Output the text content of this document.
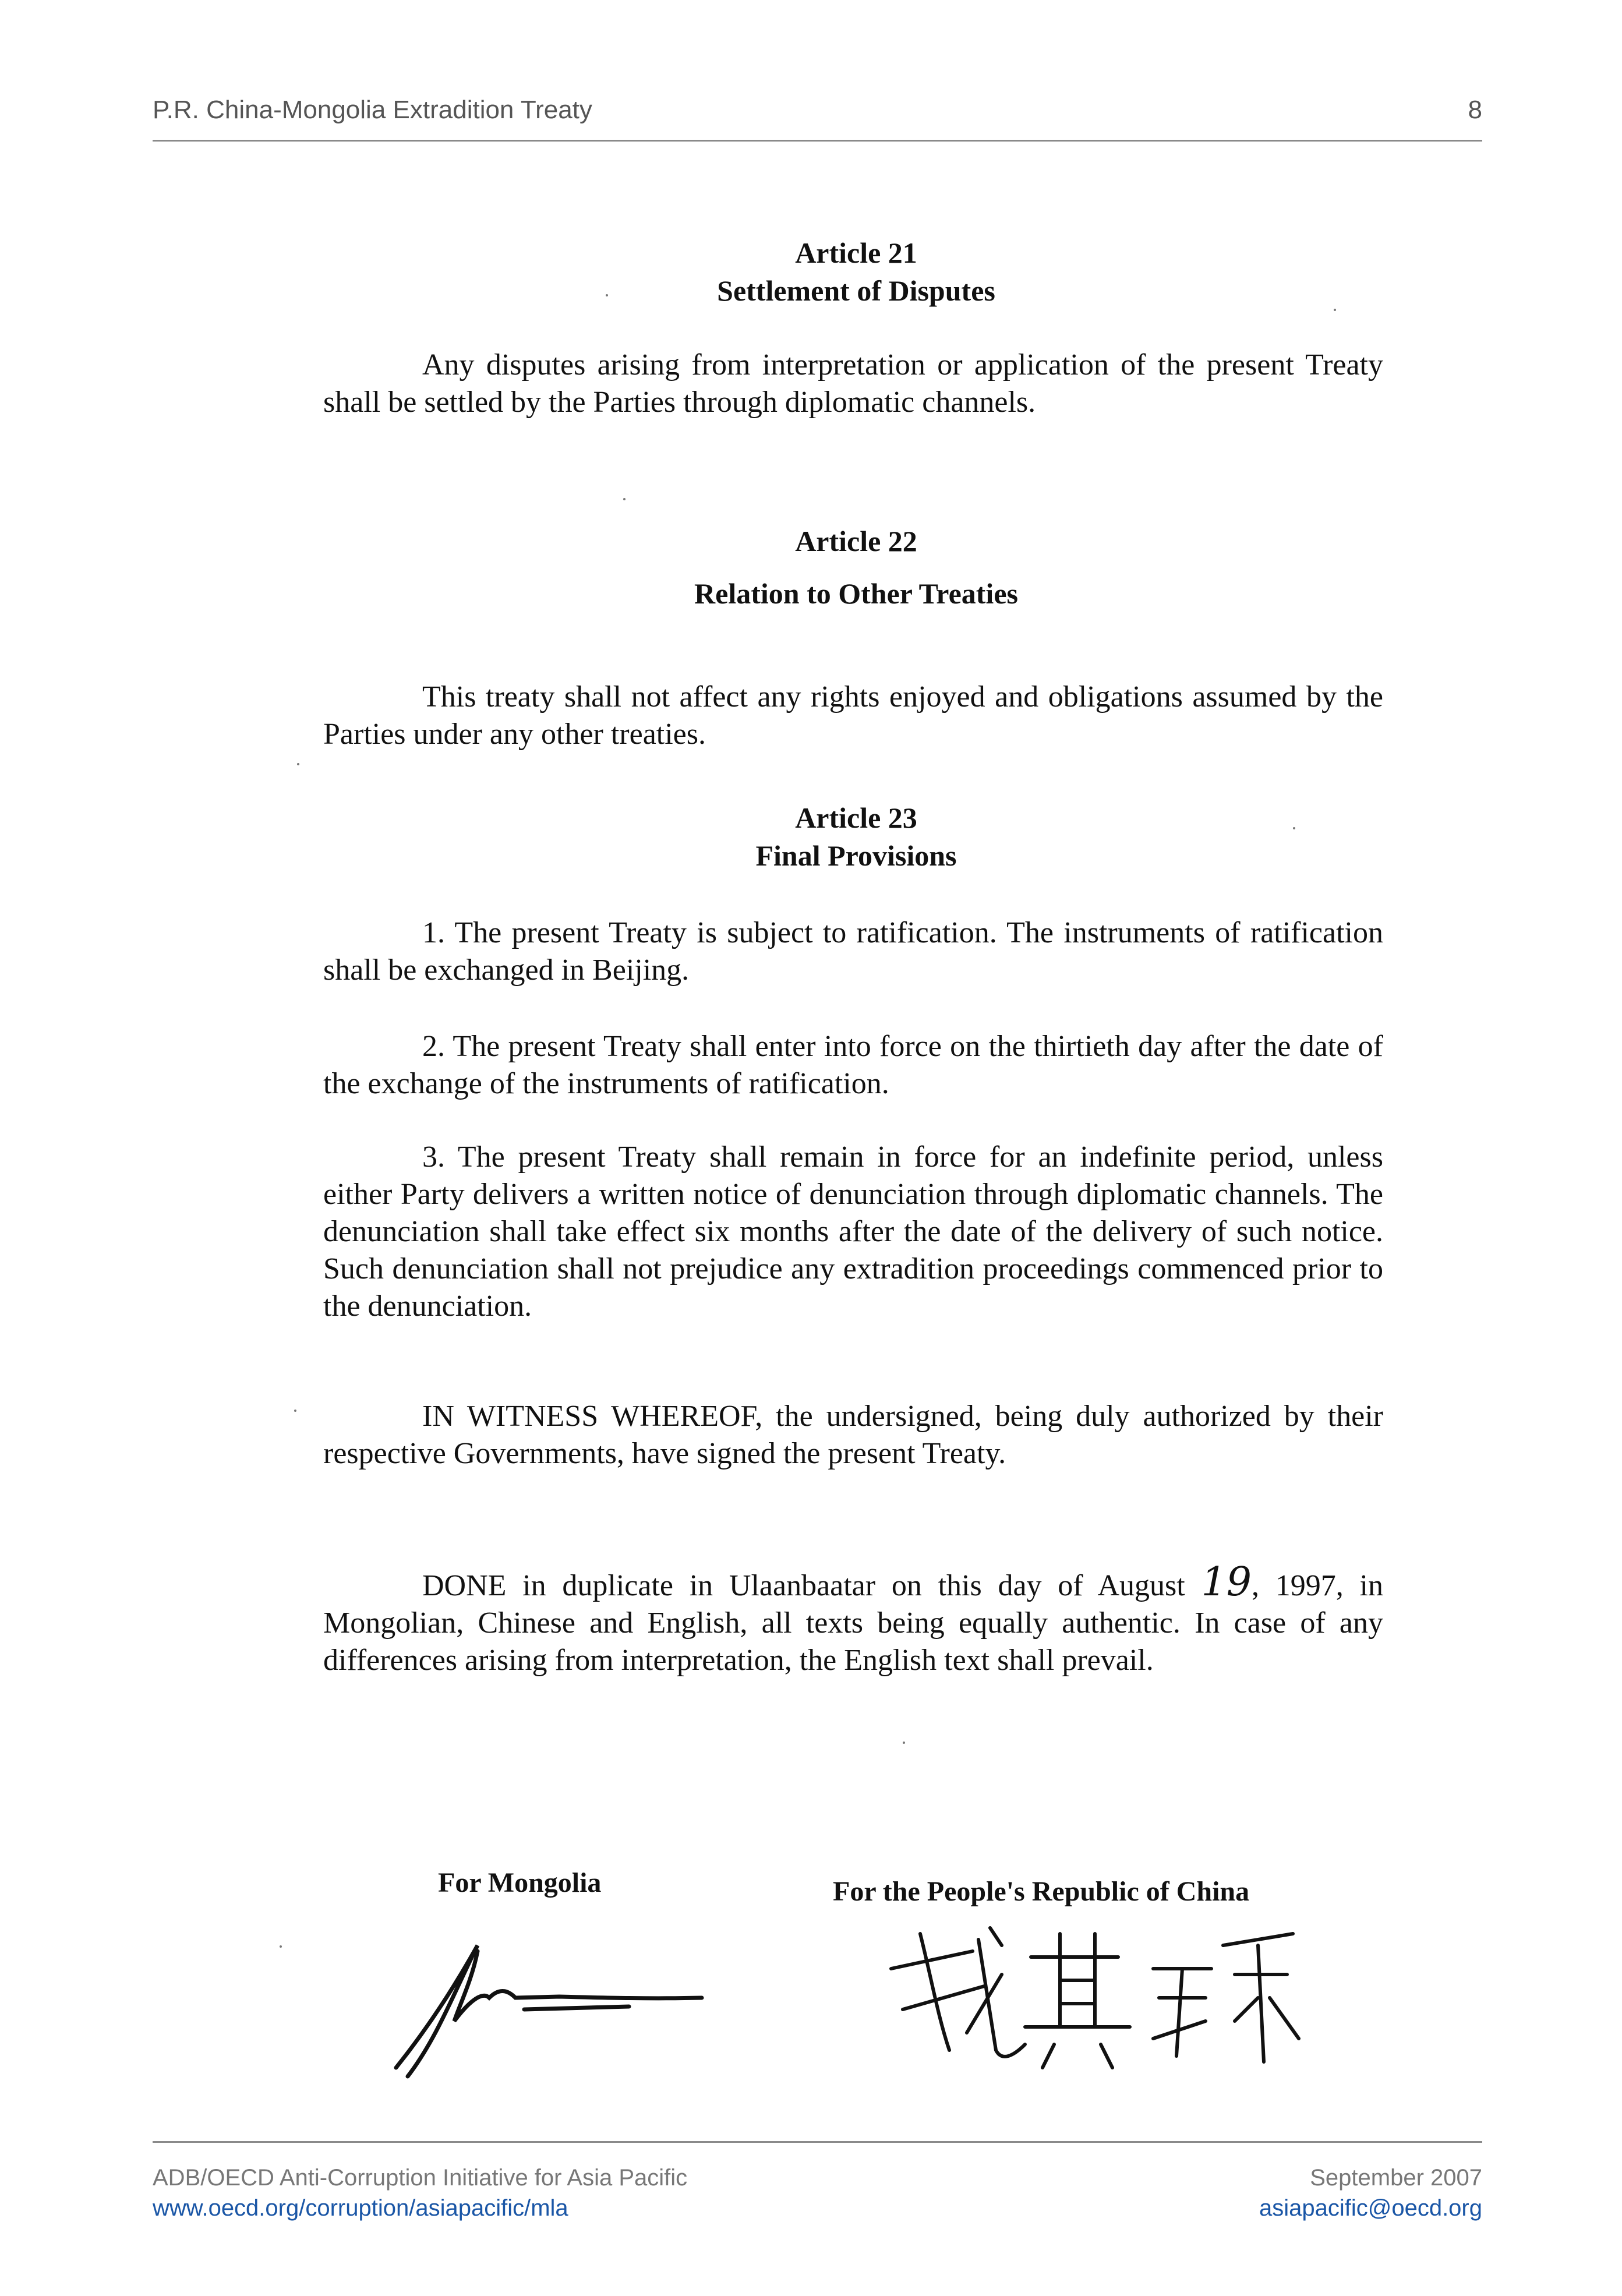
P.R. China-Mongolia Extradition Treaty	8
Article 21
Settlement of Disputes

Any disputes arising from interpretation or application of the present Treaty shall be settled by the Parties through diplomatic channels.

Article 22
Relation to Other Treaties

This treaty shall not affect any rights enjoyed and obligations assumed by the Parties under any other treaties.

Article 23
Final Provisions

1. The present Treaty is subject to ratification. The instruments of ratification shall be exchanged in Beijing.

2. The present Treaty shall enter into force on the thirtieth day after the date of the exchange of the instruments of ratification.

3. The present Treaty shall remain in force for an indefinite period, unless either Party delivers a written notice of denunciation through diplomatic channels. The denunciation shall take effect six months after the date of the delivery of such notice. Such denunciation shall not prejudice any extradition proceedings commenced prior to the denunciation.

IN WITNESS WHEREOF, the undersigned, being duly authorized by their respective Governments, have signed the present Treaty.

DONE in duplicate in Ulaanbaatar on this day of August 19, 1997, in Mongolian, Chinese and English, all texts being equally authentic. In case of any differences arising from interpretation, the English text shall prevail.

For Mongolia	For the People's Republic of China
ADB/OECD Anti-Corruption Initiative for Asia Pacific
www.oecd.org/corruption/asiapacific/mla
September 2007
asiapacific@oecd.org
